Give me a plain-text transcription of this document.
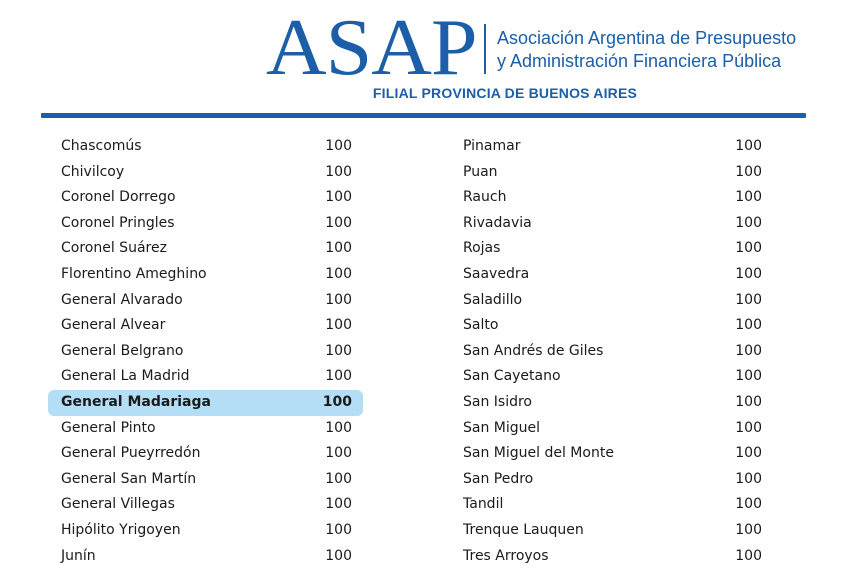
ASAP Asociación Argentina de Presupuesto
y Administración Financiera Pública
FILIAL PROVINCIA DE BUENOS AIRES
Chascomús	100
Chivilcoy	100
Coronel Dorrego	100
Coronel Pringles	100
Coronel Suárez	100
Florentino Ameghino	100
General Alvarado	100
General Alvear	100
General Belgrano	100
General La Madrid	100
General Madariaga	100
General Pinto	100
General Pueyrredón	100
General San Martín	100
General Villegas	100
Hipólito Yrigoyen	100
Junín	100
Pinamar	100
Puan	100
Rauch	100
Rivadavia	100
Rojas	100
Saavedra	100
Saladillo	100
Salto	100
San Andrés de Giles	100
San Cayetano	100
San Isidro	100
San Miguel	100
San Miguel del Monte	100
San Pedro	100
Tandil	100
Trenque Lauquen	100
Tres Arroyos	100
